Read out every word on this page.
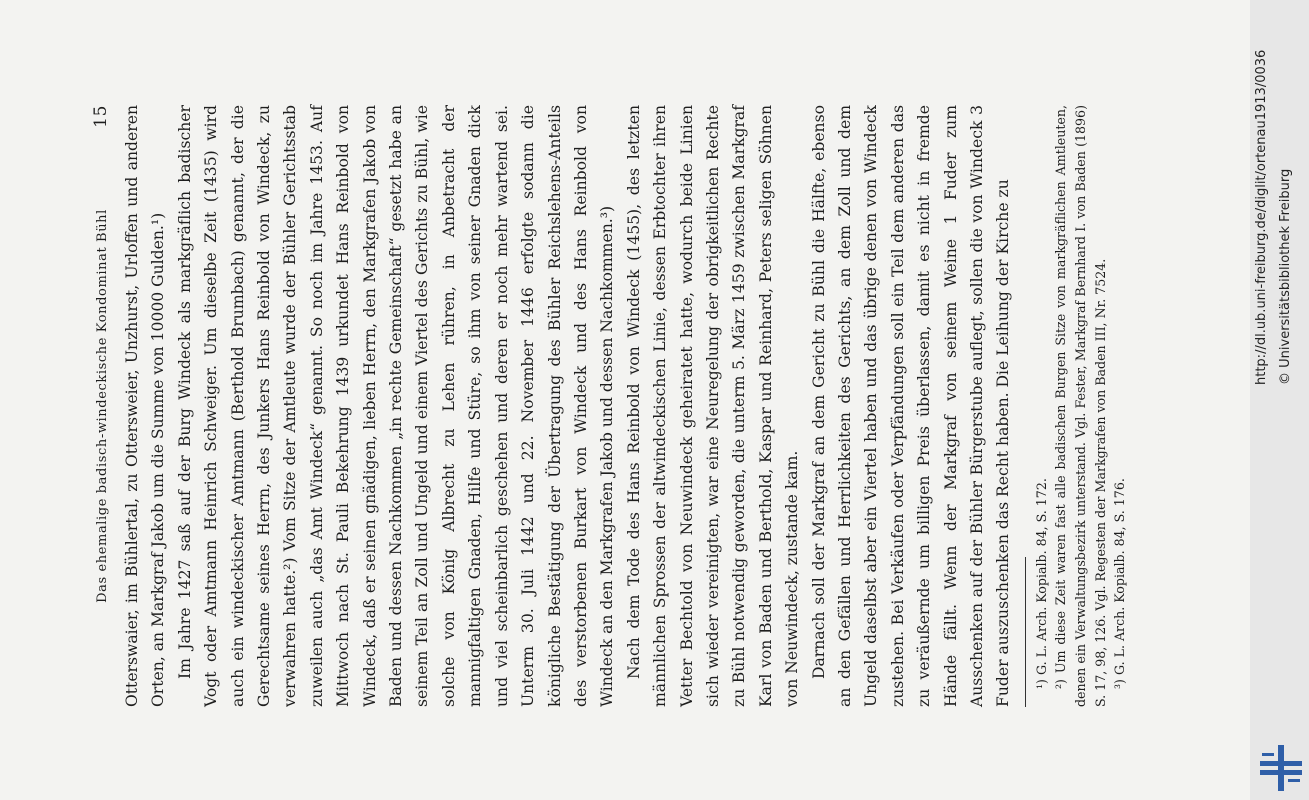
Das ehemalige badisch-windeckische Kondominat Bühl
15 Otterswaier, im Bühlertal, zu Ottersweier, Unzhurst, Urloffen und anderen Orten, an Markgraf Jakob um die Summe von 10000 Gulden.¹) Im Jahre 1427 saß auf der Burg Windeck als markgräflich badischer Vogt oder Amtmann Heinrich Schweiger. Um dieselbe Zeit (1435) wird auch ein windeckischer Amtmann (Berthold Brumbach) genannt, der die Gerechtsame seines Herrn, des Junkers Hans Reinbold von Windeck, zu verwahren hatte.²) Vom Sitze der Amtleute wurde der Bühler Gerichtsstab zuweilen auch „das Amt Windeck“ genannt. So noch im Jahre 1453. Auf Mittwoch nach St. Pauli Bekehrung 1439 urkundet Hans Reinbold von Windeck, daß er seinen gnädigen, lieben Herrn, den Markgrafen Jakob von Baden und dessen Nachkommen „in rechte Gemeinschaft“ gesetzt habe an seinem Teil an Zoll und Ungeld und einem Viertel des Gerichts zu Bühl, wie solche von König Albrecht zu Lehen rühren, in Anbetracht der mannigfaltigen Gnaden, Hilfe und Stüre, so ihm von seiner Gnaden dick und viel scheinbarlich geschehen und deren er noch mehr wartend sei. Unterm 30. Juli 1442 und 22. November 1446 erfolgte sodann die königliche Bestätigung der Übertragung des Bühler Reichslehens-Anteils des verstorbenen Burkart von Windeck und des Hans Reinbold von Windeck an den Markgrafen Jakob und dessen Nachkommen.³) Nach dem Tode des Hans Reinbold von Windeck (1455), des letzten männlichen Sprossen der altwindeckischen Linie, dessen Erbtochter ihren Vetter Bechtold von Neuwindeck geheiratet hatte, wodurch beide Linien sich wieder vereinigten, war eine Neuregelung der obrigkeitlichen Rechte zu Bühl notwendig geworden, die unterm 5. März 1459 zwischen Markgraf Karl von Baden und Berthold, Kaspar und Reinhard, Peters seligen Söhnen von Neuwindeck, zustande kam. Darnach soll der Markgraf an dem Gericht zu Bühl die Hälfte, ebenso an den Gefällen und Herrlichkeiten des Gerichts, an dem Zoll und dem Ungeld daselbst aber ein Viertel haben und das übrige denen von Windeck zustehen. Bei Verkäufen oder Verpfändungen soll ein Teil dem anderen das zu veräußernde um billigen Preis überlassen, damit es nicht in fremde Hände fällt. Wenn der Markgraf von seinem Weine 1 Fuder zum Ausschenken auf der Bühler Bürgerstube auflegt, sollen die von Windeck 3 Fuder auszuschenken das Recht haben. Die Leihung der Kirche zu	¹) G. L. Arch. Kopialb. 84, S. 172. ²) Um diese Zeit waren fast alle badischen Burgen Sitze von markgräflichen Amtleuten, denen ein Verwaltungsbezirk unterstand. Vgl. Fester, Markgraf Bernhard I. von Baden (1896) S. 17, 98, 126. Vgl. Regesten der Markgrafen von Baden III, Nr. 7524. ³) G. L. Arch. Kopialb. 84, S. 176.

http://dl.ub.uni-freiburg.de/diglit/ortenau1913/0036 © Universitätsbibliothek Freiburg
